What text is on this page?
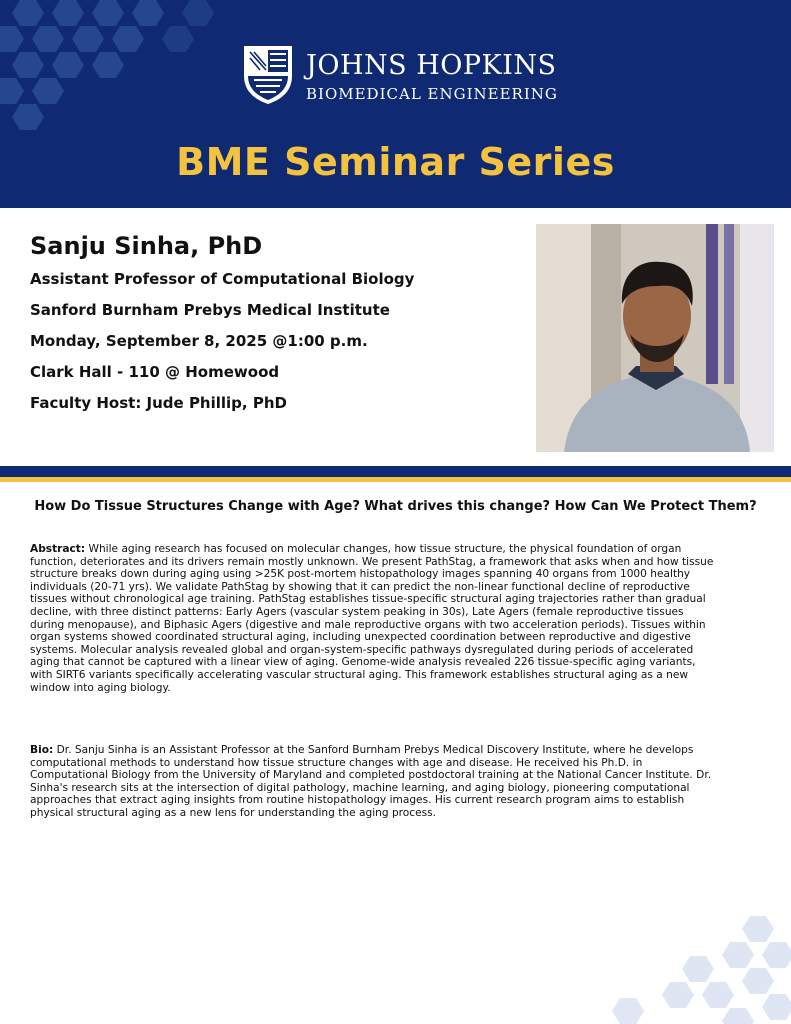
JOHNS HOPKINS
BIOMEDICAL ENGINEERING
BME Seminar Series
Sanju Sinha, PhD
Assistant Professor of Computational Biology
Sanford Burnham Prebys Medical Institute
Monday, September 8, 2025 @1:00 p.m.
Clark Hall - 110 @ Homewood
Faculty Host: Jude Phillip, PhD
How Do Tissue Structures Change with Age? What drives this change? How Can We Protect Them?
Abstract: While aging research has focused on molecular changes, how tissue structure, the physical foundation of organ function, deteriorates and its drivers remain mostly unknown. We present PathStag, a framework that asks when and how tissue structure breaks down during aging using >25K post-mortem histopathology images spanning 40 organs from 1000 healthy individuals (20-71 yrs). We validate PathStag by showing that it can predict the non-linear functional decline of reproductive tissues without chronological age training. PathStag establishes tissue-specific structural aging trajectories rather than gradual decline, with three distinct patterns: Early Agers (vascular system peaking in 30s), Late Agers (female reproductive tissues during menopause), and Biphasic Agers (digestive and male reproductive organs with two acceleration periods). Tissues within organ systems showed coordinated structural aging, including unexpected coordination between reproductive and digestive systems. Molecular analysis revealed global and organ-system-specific pathways dysregulated during periods of accelerated aging that cannot be captured with a linear view of aging. Genome-wide analysis revealed 226 tissue-specific aging variants, with SIRT6 variants specifically accelerating vascular structural aging. This framework establishes structural aging as a new window into aging biology.
Bio: Dr. Sanju Sinha is an Assistant Professor at the Sanford Burnham Prebys Medical Discovery Institute, where he develops computational methods to understand how tissue structure changes with age and disease. He received his Ph.D. in Computational Biology from the University of Maryland and completed postdoctoral training at the National Cancer Institute. Dr. Sinha's research sits at the intersection of digital pathology, machine learning, and aging biology, pioneering computational approaches that extract aging insights from routine histopathology images. His current research program aims to establish physical structural aging as a new lens for understanding the aging process.
